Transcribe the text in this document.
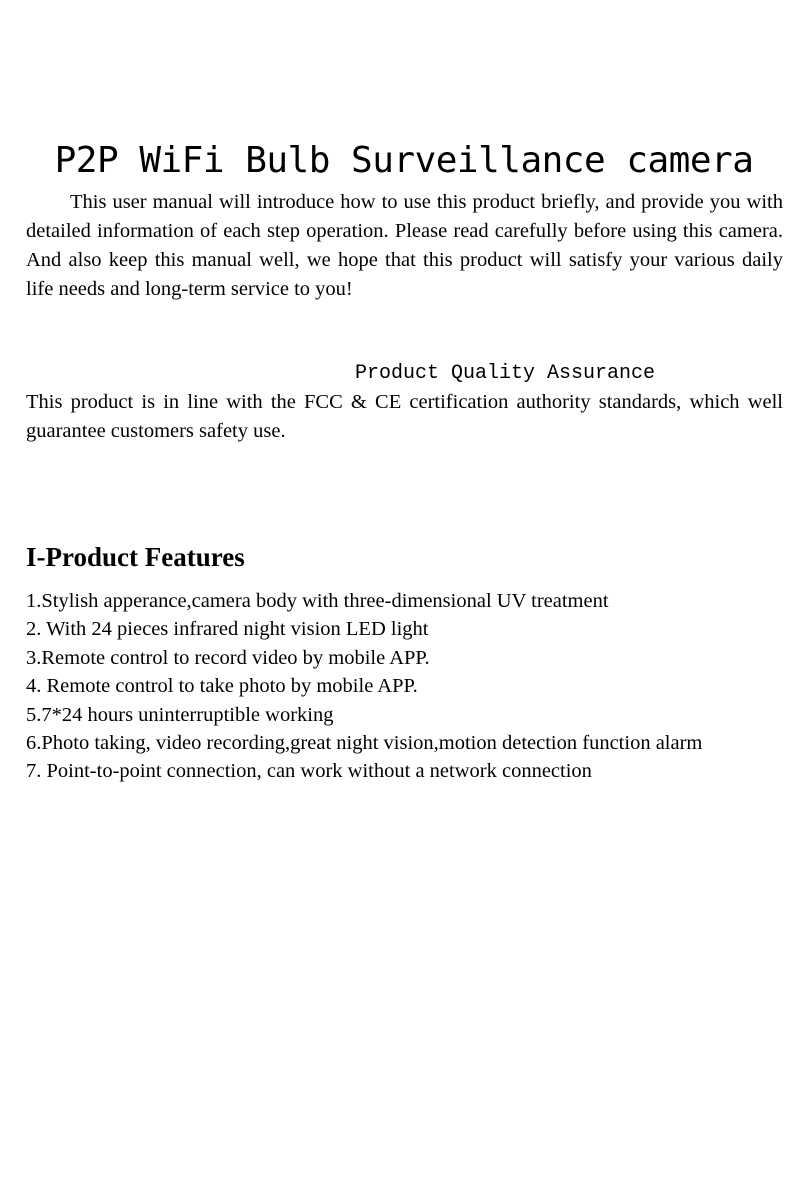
P2P WiFi Bulb Surveillance camera

This user manual will introduce how to use this product briefly, and provide you with detailed information of each step operation. Please read carefully before using this camera. And also keep this manual well, we hope that this product will satisfy your various daily life needs and long-term service to you!

Product Quality Assurance

This product is in line with the FCC & CE certification authority standards, which well guarantee customers safety use.

I-Product Features
1.Stylish apperance,camera body with three-dimensional UV treatment
2. With 24 pieces infrared night vision LED light
3.Remote control to record video by mobile APP.
4. Remote control to take photo by mobile APP.
5.7*24 hours uninterruptible working
6.Photo taking, video recording,great night vision,motion detection function alarm
7. Point-to-point connection, can work without a network connection
